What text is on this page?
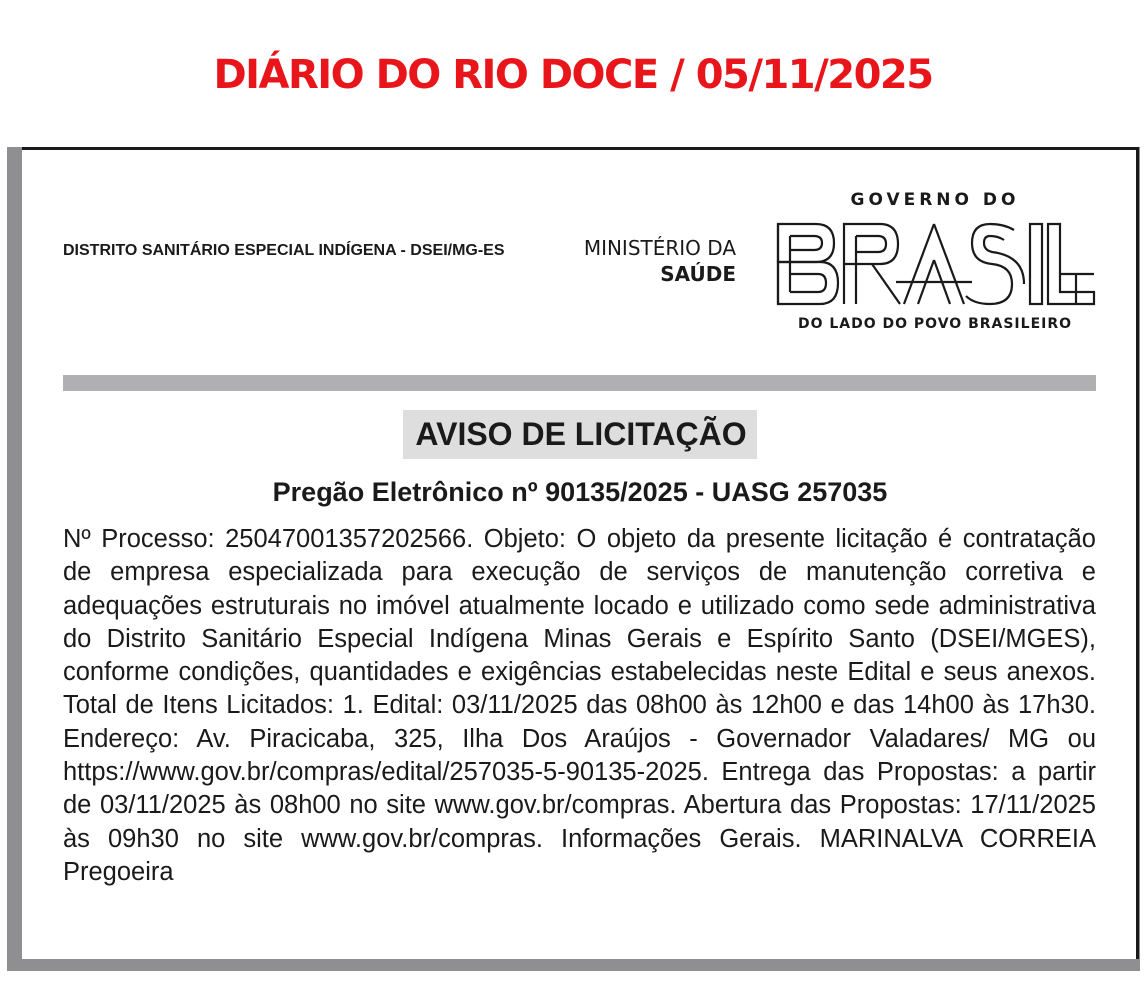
DIÁRIO DO RIO DOCE / 05/11/2025
DISTRITO SANITÁRIO ESPECIAL INDÍGENA - DSEI/MG-ES	MINISTÉRIO DA
SAÚDE
GOVERNO DO
DO LADO DO POVO BRASILEIRO
AVISO DE LICITAÇÃO
Pregão Eletrônico nº 90135/2025 - UASG 257035

Nº Processo: 25047001357202566. Objeto: O objeto da presente licitação é contratação de empresa especializada para execução de serviços de manutenção corretiva e adequações estruturais no imóvel atualmente locado e utilizado como sede administrativa do Distrito Sanitário Especial Indígena Minas Gerais e Espírito Santo (DSEI/MGES), conforme condições, quantidades e exigências estabelecidas neste Edital e seus anexos. Total de Itens Licitados: 1. Edital: 03/11/2025 das 08h00 às 12h00 e das 14h00 às 17h30. Endereço: Av. Piracicaba, 325, Ilha Dos Araújos - Governador Valadares/ MG ou https://www.gov.br/compras/edital/257035-5-90135-2025. Entrega das Propostas: a partir de 03/11/2025 às 08h00 no site www.gov.br/compras. Abertura das Propostas: 17/11/2025 às 09h30 no site www.gov.br/compras. Informações Gerais. MARINALVA CORREIA Pregoeira
